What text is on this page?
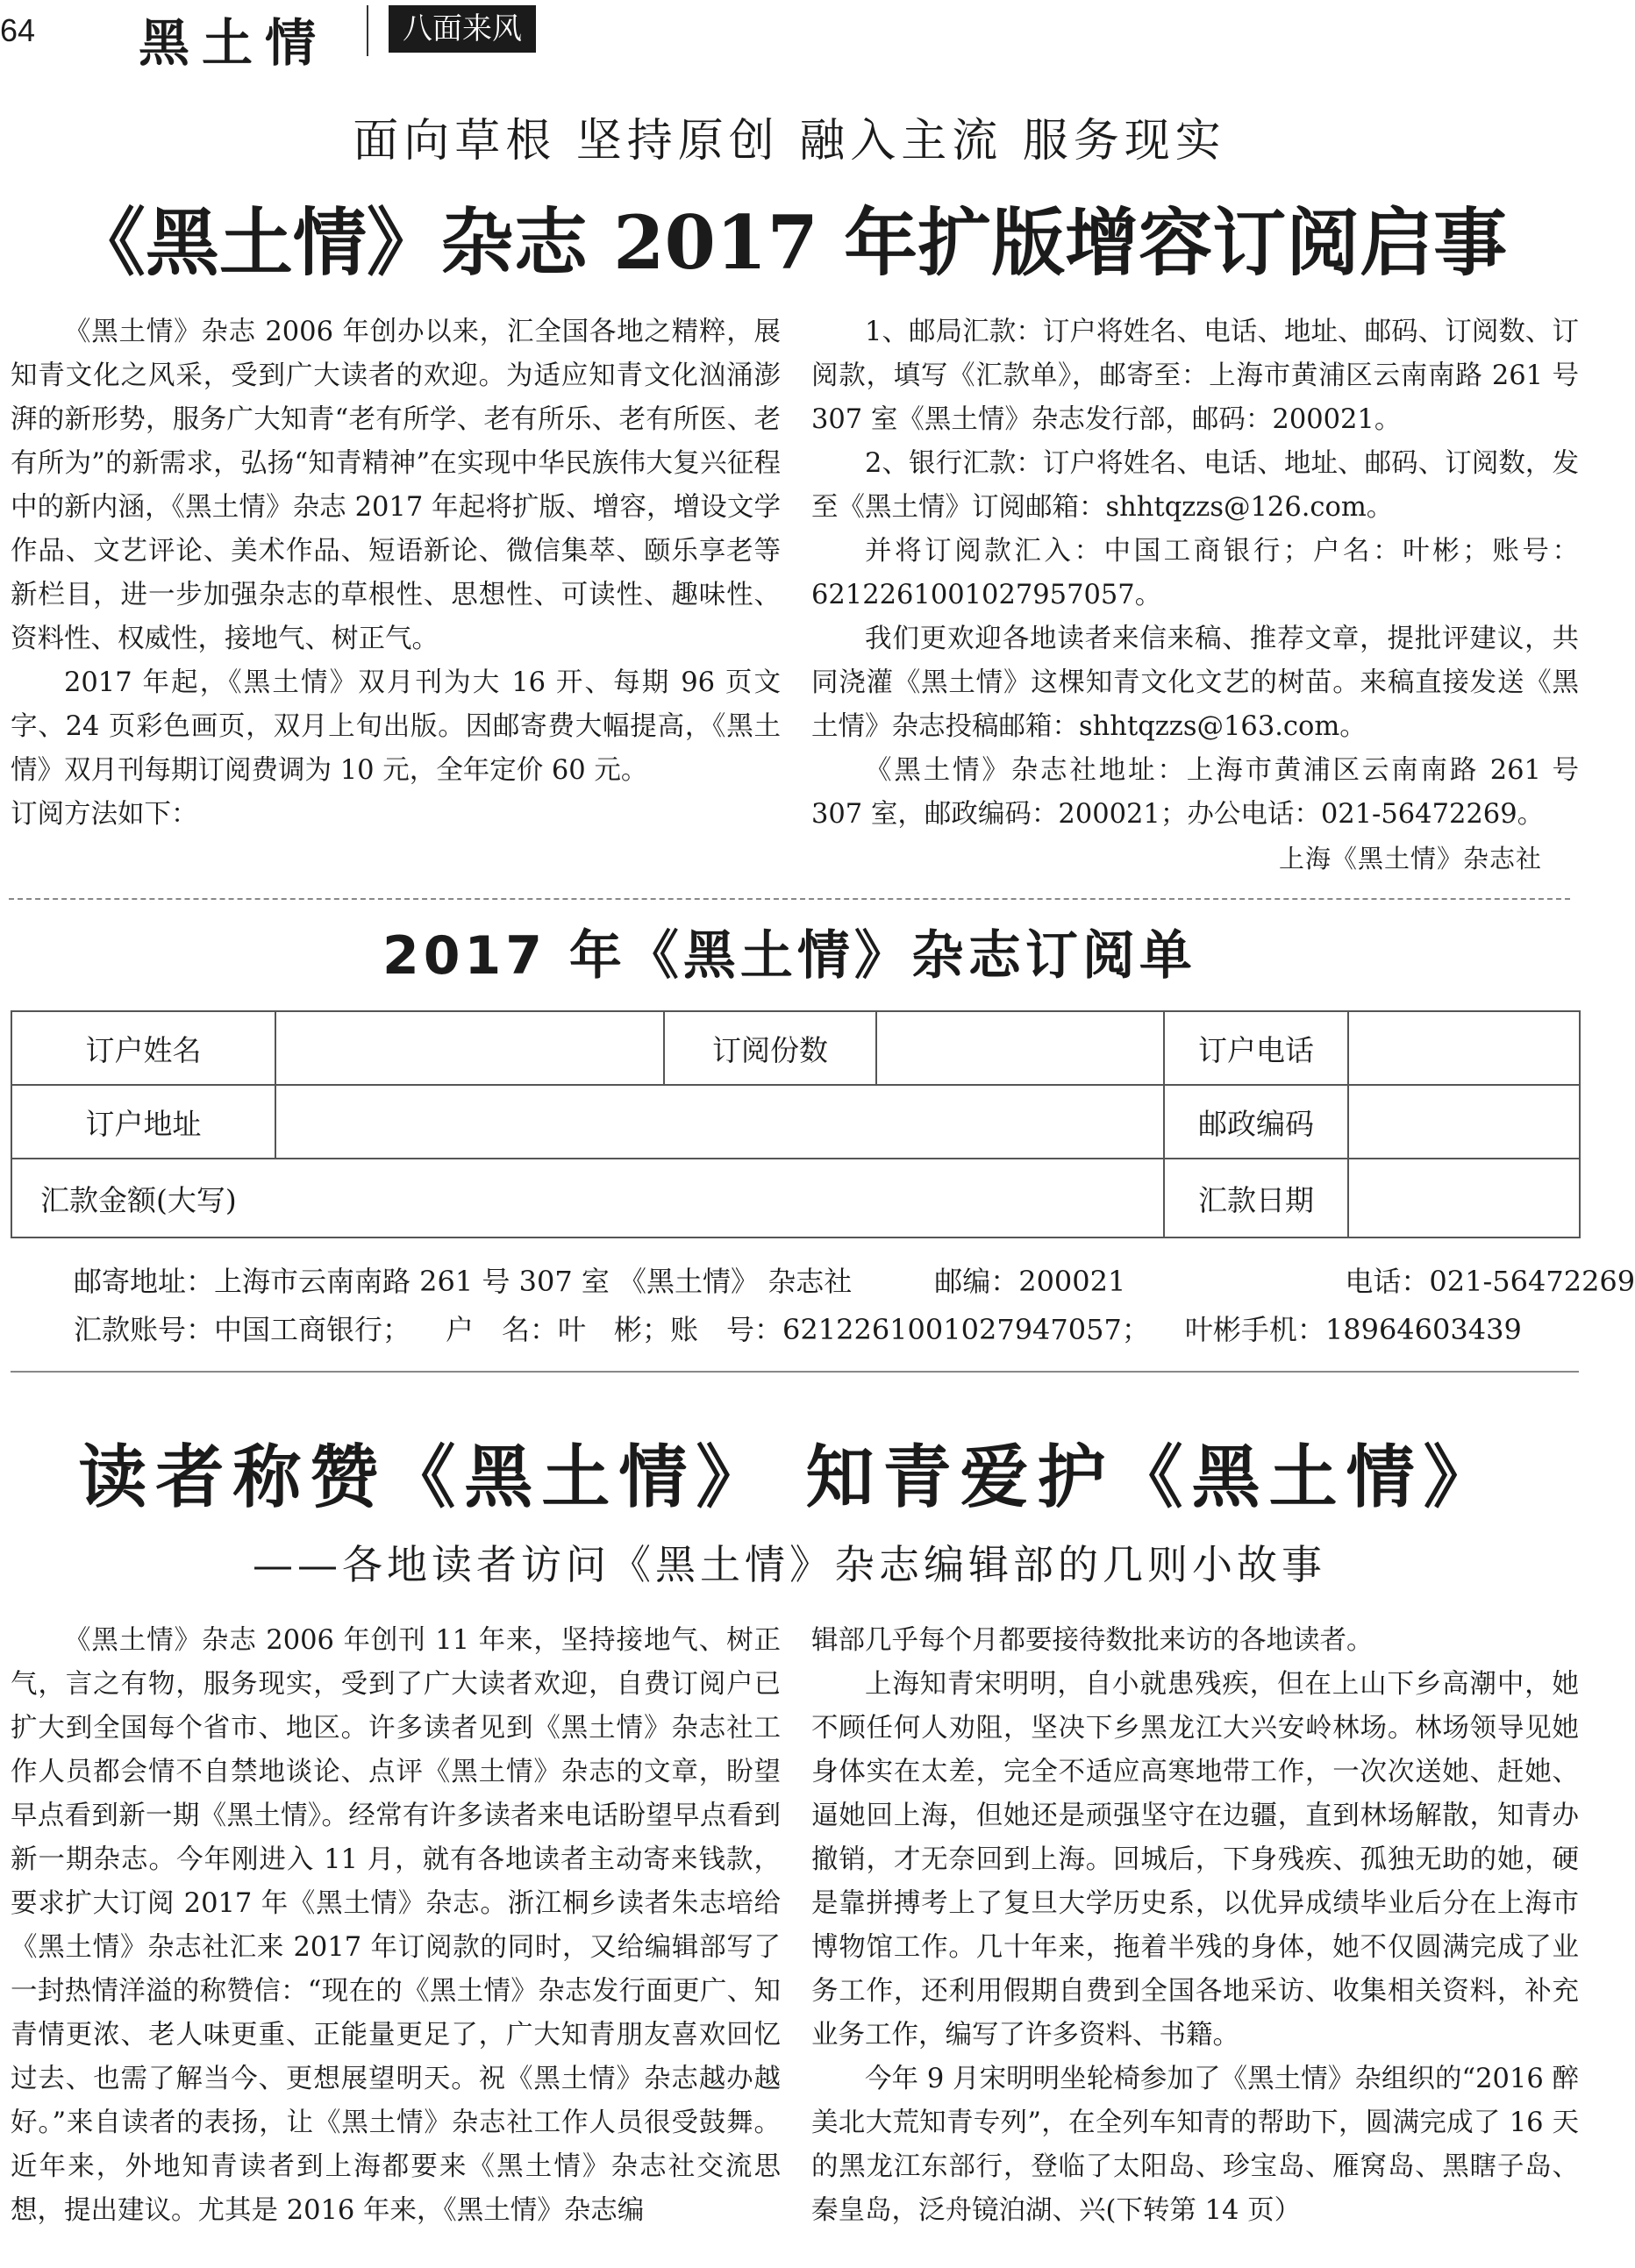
64 黑土情	八面来风
面向草根 坚持原创 融入主流 服务现实
《黑土情》杂志 2017 年扩版增容订阅启事

《黑土情》杂志 2006 年创办以来，汇全国各地之精粹，展知青文化之风采，受到广大读者的欢迎。为适应知青文化汹涌澎湃的新形势，服务广大知青“老有所学、老有所乐、老有所医、老有所为”的新需求，弘扬“知青精神”在实现中华民族伟大复兴征程中的新内涵，《黑土情》杂志 2017 年起将扩版、增容，增设文学作品、文艺评论、美术作品、短语新论、微信集萃、颐乐享老等新栏目，进一步加强杂志的草根性、思想性、可读性、趣味性、资料性、权威性，接地气、树正气。

2017 年起，《黑土情》双月刊为大 16 开、每期 96 页文字、24 页彩色画页，双月上旬出版。因邮寄费大幅提高，《黑土情》双月刊每期订阅费调为 10 元，全年定价 60 元。

订阅方法如下：

1、邮局汇款：订户将姓名、电话、地址、邮码、订阅数、订阅款，填写《汇款单》，邮寄至：上海市黄浦区云南南路 261 号 307 室《黑土情》杂志发行部，邮码：200021。

2、银行汇款：订户将姓名、电话、地址、邮码、订阅数，发至《黑土情》订阅邮箱：shhtqzzs@126.com。

并将订阅款汇入：中国工商银行；户名：叶彬；账号：6212261001027957057。

我们更欢迎各地读者来信来稿、推荐文章，提批评建议，共同浇灌《黑土情》这棵知青文化文艺的树苗。来稿直接发送《黑土情》杂志投稿邮箱：shhtqzzs@163.com。

《黑土情》杂志社地址：上海市黄浦区云南南路 261 号 307 室，邮政编码：200021；办公电话：021-56472269。

上海《黑土情》杂志社

2017 年《黑土情》杂志订阅单
订户姓名		订阅份数		订户电话	
订户地址				邮政编码	
汇款金额(大写)				汇款日期	
邮寄地址：上海市云南南路 261 号 307 室 《黑土情》 杂志社	邮编：200021	电话：021-56472269
汇款账号：中国工商银行； 户　名：叶　彬；账　号：6212261001027947057； 叶彬手机：18964603439
读者称赞《黑土情》 知青爱护《黑土情》
——各地读者访问《黑土情》杂志编辑部的几则小故事

《黑土情》杂志 2006 年创刊 11 年来，坚持接地气、树正气，言之有物，服务现实，受到了广大读者欢迎，自费订阅户已扩大到全国每个省市、地区。许多读者见到《黑土情》杂志社工作人员都会情不自禁地谈论、点评《黑土情》杂志的文章，盼望早点看到新一期《黑土情》。经常有许多读者来电话盼望早点看到新一期杂志。今年刚进入 11 月，就有各地读者主动寄来钱款，要求扩大订阅 2017 年《黑土情》杂志。浙江桐乡读者朱志培给《黑土情》杂志社汇来 2017 年订阅款的同时，又给编辑部写了一封热情洋溢的称赞信：“现在的《黑土情》杂志发行面更广、知青情更浓、老人味更重、正能量更足了，广大知青朋友喜欢回忆过去、也需了解当今、更想展望明天。祝《黑土情》杂志越办越好。”来自读者的表扬，让《黑土情》杂志社工作人员很受鼓舞。近年来，外地知青读者到上海都要来《黑土情》杂志社交流思想，提出建议。尤其是 2016 年来，《黑土情》杂志编

辑部几乎每个月都要接待数批来访的各地读者。

上海知青宋明明，自小就患残疾，但在上山下乡高潮中，她不顾任何人劝阻，坚决下乡黑龙江大兴安岭林场。林场领导见她身体实在太差，完全不适应高寒地带工作，一次次送她、赶她、逼她回上海，但她还是顽强坚守在边疆，直到林场解散，知青办撤销，才无奈回到上海。回城后，下身残疾、孤独无助的她，硬是靠拼搏考上了复旦大学历史系，以优异成绩毕业后分在上海市博物馆工作。几十年来，拖着半残的身体，她不仅圆满完成了业务工作，还利用假期自费到全国各地采访、收集相关资料，补充业务工作，编写了许多资料、书籍。

今年 9 月宋明明坐轮椅参加了《黑土情》杂组织的“2016 醉美北大荒知青专列”，在全列车知青的帮助下，圆满完成了 16 天的黑龙江东部行，登临了太阳岛、珍宝岛、雁窝岛、黑瞎子岛、秦皇岛，泛舟镜泊湖、兴(下转第 14 页）
